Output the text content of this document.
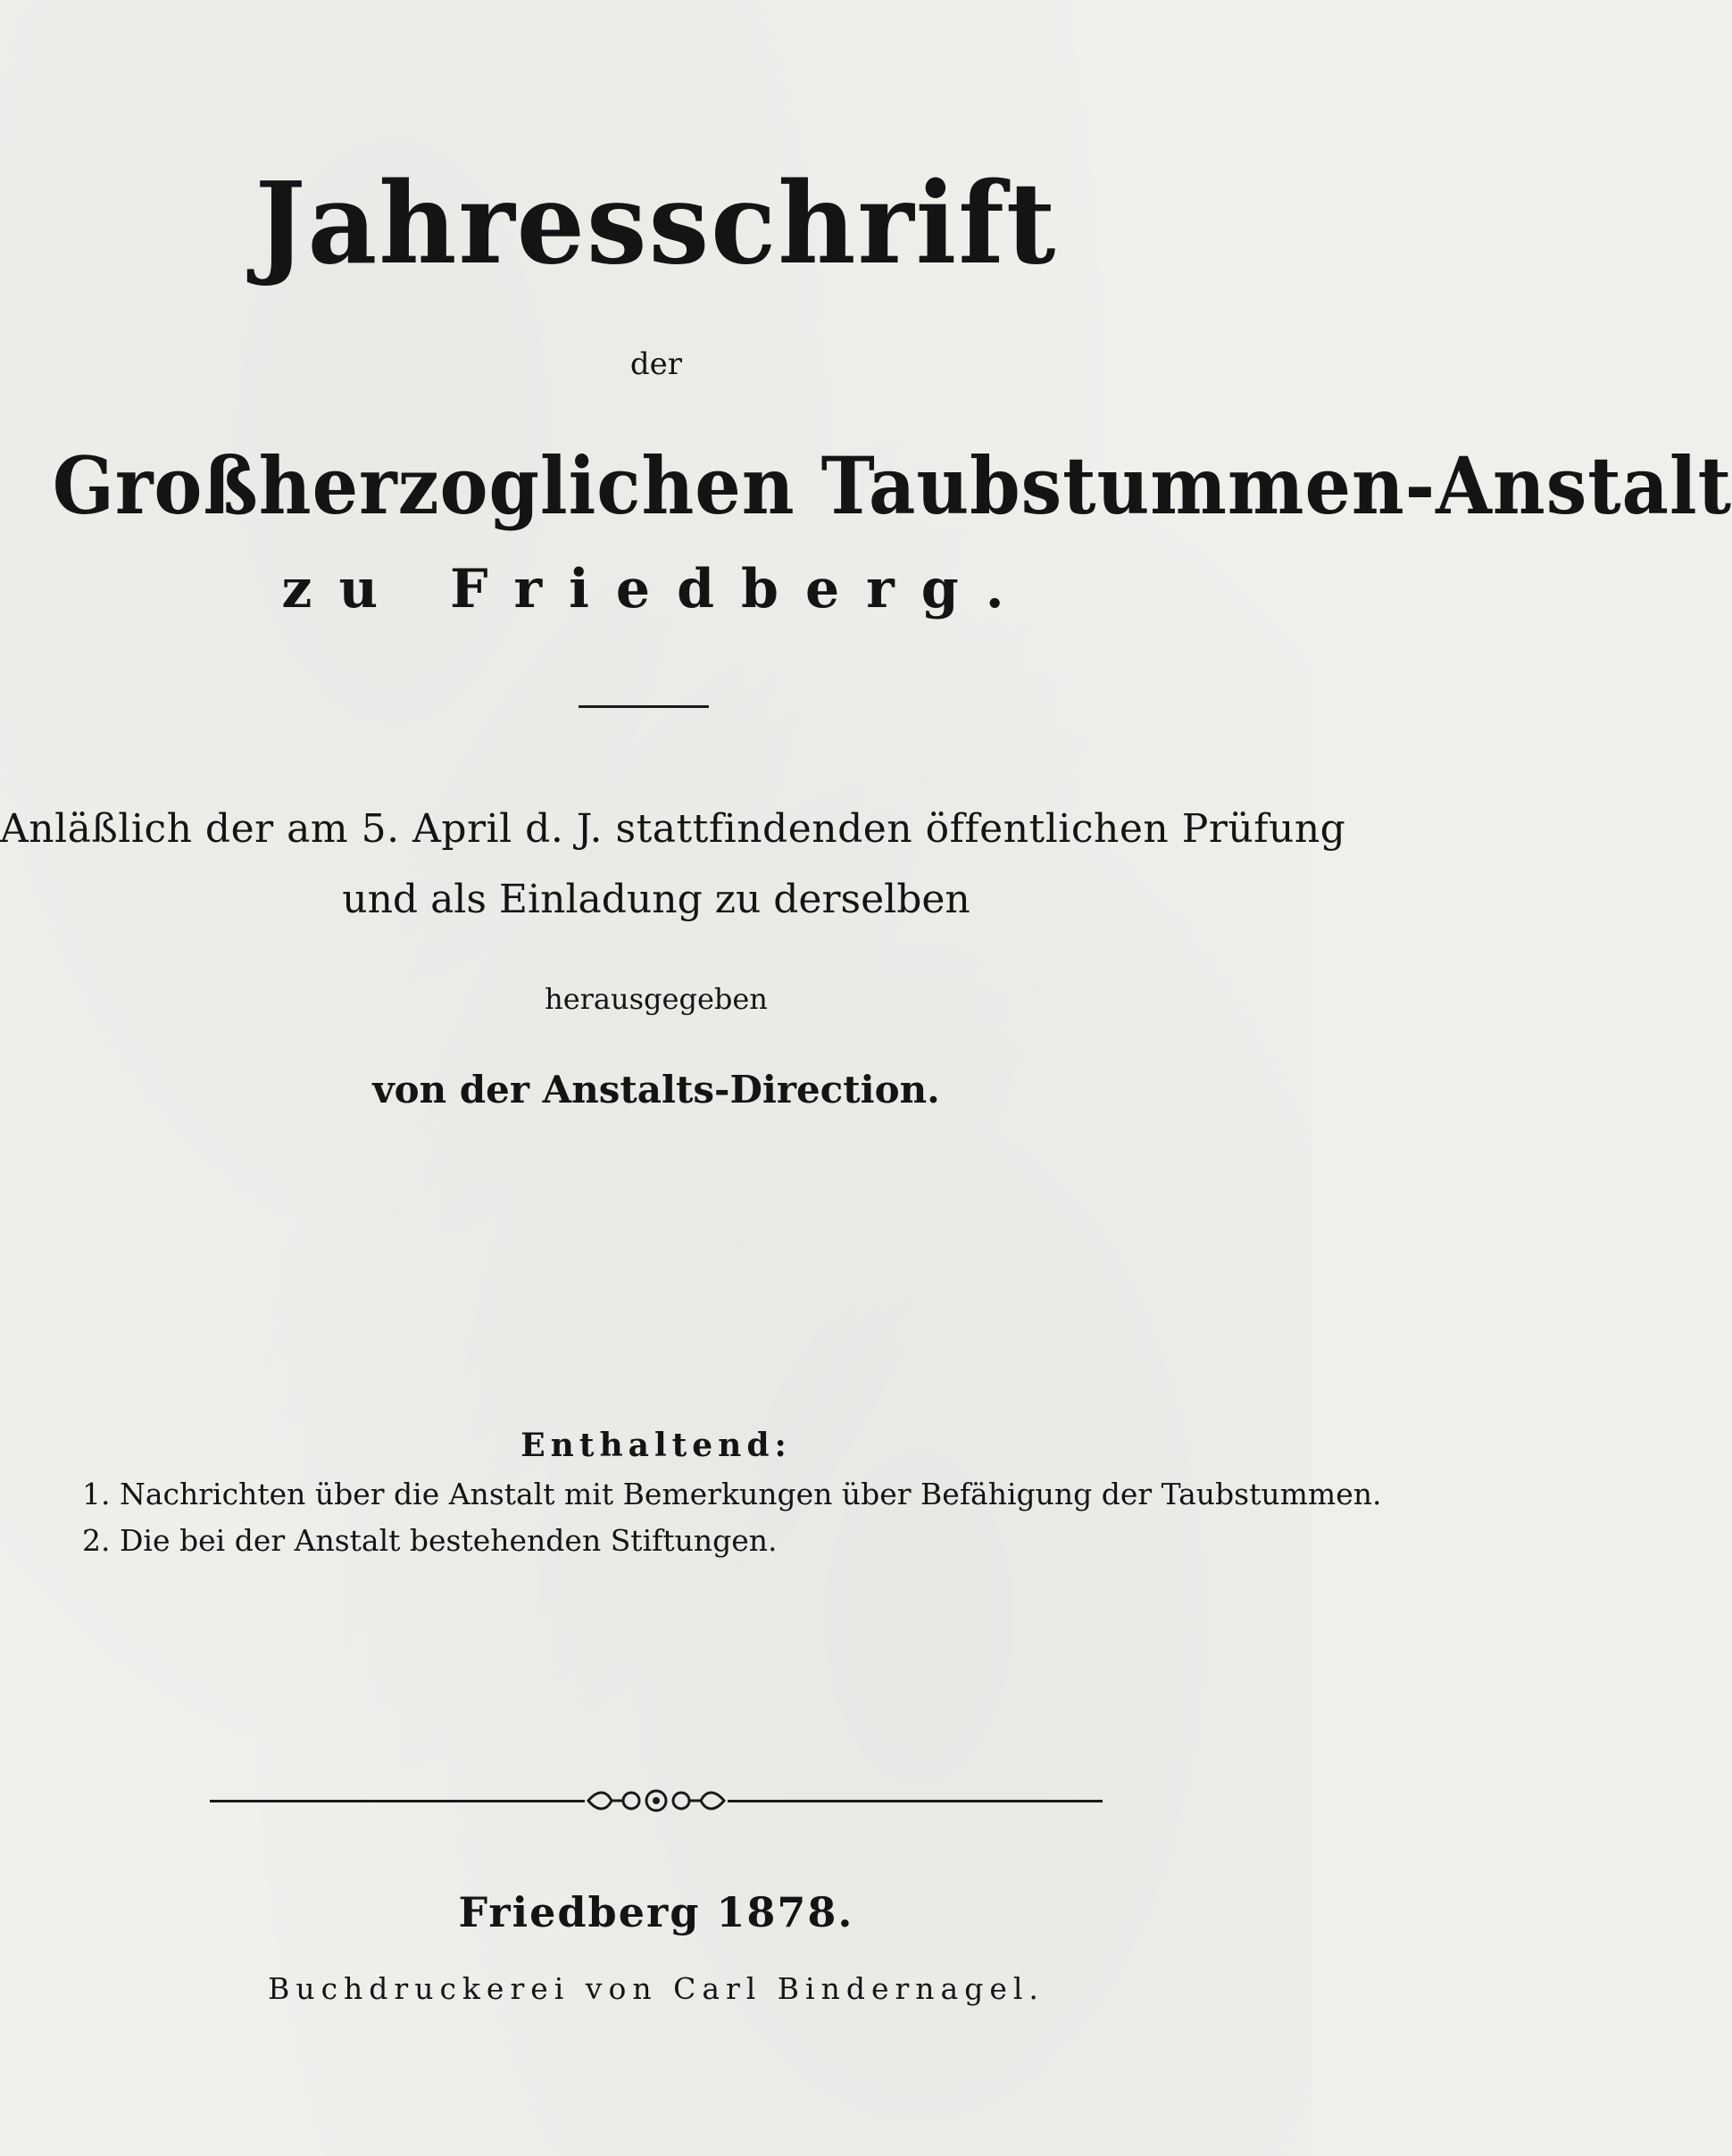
Jahresschrift
der
Großherzoglichen Taubstummen-Anstalt
zu Friedberg.
Anläßlich der am 5. April d. J. stattfindenden öffentlichen Prüfung
und als Einladung zu derselben
herausgegeben
von der Anstalts-Direction.
Enthaltend:
1. Nachrichten über die Anstalt mit Bemerkungen über Befähigung der Taubstummen.
2. Die bei der Anstalt bestehenden Stiftungen.
Friedberg 1878.
Buchdruckerei von Carl Bindernagel.
